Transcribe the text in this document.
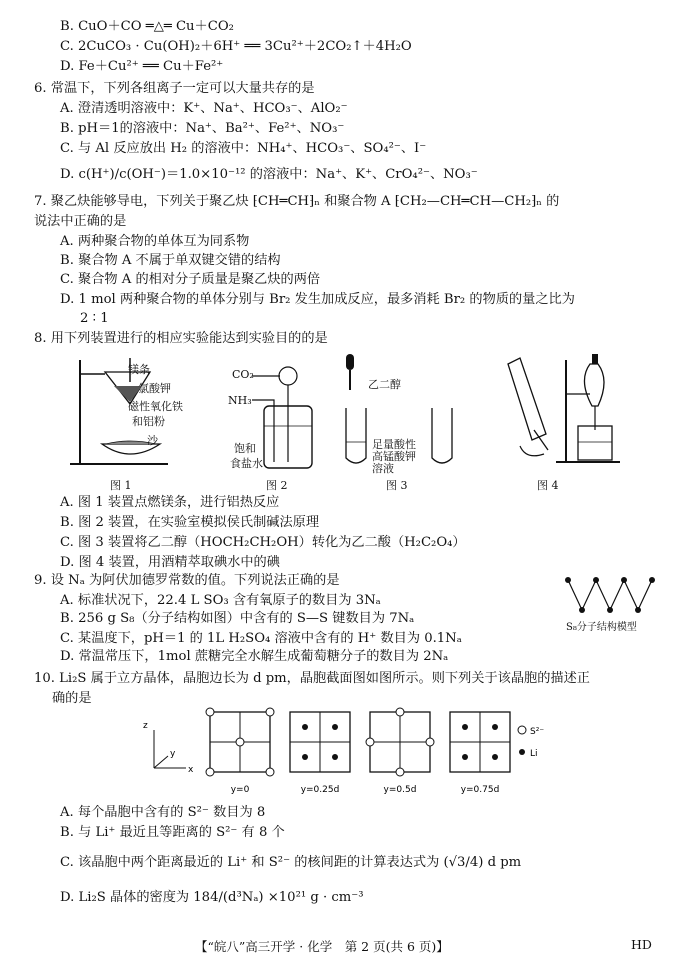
B. CuO＋CO ═△═ Cu＋CO₂
C. 2CuCO₃ · Cu(OH)₂＋6H⁺ ══ 3Cu²⁺＋2CO₂↑＋4H₂O
D. Fe＋Cu²⁺ ══ Cu＋Fe²⁺
6. 常温下，下列各组离子一定可以大量共存的是
A. 澄清透明溶液中：K⁺、Na⁺、HCO₃⁻、AlO₂⁻
B. pH＝1的溶液中：Na⁺、Ba²⁺、Fe²⁺、NO₃⁻
C. 与 Al 反应放出 H₂ 的溶液中：NH₄⁺、HCO₃⁻、SO₄²⁻、I⁻
D. c(H⁺)/c(OH⁻)＝1.0×10⁻¹² 的溶液中：Na⁺、K⁺、CrO₄²⁻、NO₃⁻
7. 聚乙炔能够导电，下列关于聚乙炔 ⁅CH═CH⁆ₙ 和聚合物 A ⁅CH₂—CH═CH—CH₂⁆ₙ 的
说法中正确的是
A. 两种聚合物的单体互为同系物
B. 聚合物 A 不属于单双键交错的结构
C. 聚合物 A 的相对分子质量是聚乙炔的两倍
D. 1 mol 两种聚合物的单体分别与 Br₂ 发生加成反应，最多消耗 Br₂ 的物质的量之比为
2 ∶ 1
8. 用下列装置进行的相应实验能达到实验目的的是
镁条
氯酸钾
磁性氧化铁
和铝粉
沙
图 1
CO₂
NH₃
饱和
食盐水
图 2
乙二醇
足量酸性
高锰酸钾
溶液
图 3	图 4
A. 图 1 装置点燃镁条，进行铝热反应
B. 图 2 装置，在实验室模拟侯氏制碱法原理
C. 图 3 装置将乙二醇（HOCH₂CH₂OH）转化为乙二酸（H₂C₂O₄）
D. 图 4 装置，用酒精萃取碘水中的碘
9. 设 Nₐ 为阿伏加德罗常数的值。下列说法正确的是
A. 标准状况下，22.4 L SO₃ 含有氧原子的数目为 3Nₐ
B. 256 g S₈（分子结构如图）中含有的 S—S 键数目为 7Nₐ
C. 某温度下，pH＝1 的 1L H₂SO₄ 溶液中含有的 H⁺ 数目为 0.1Nₐ
D. 常温常压下，1mol 蔗糖完全水解生成葡萄糖分子的数目为 2Nₐ
S₈分子结构模型
10. Li₂S 属于立方晶体，晶胞边长为 d pm，晶胞截面图如图所示。则下列关于该晶胞的描述正
确的是
z
y
x
S²⁻
Li
y=0	y=0.25d	y=0.5d	y=0.75d
A. 每个晶胞中含有的 S²⁻ 数目为 8
B. 与 Li⁺ 最近且等距离的 S²⁻ 有 8 个
C. 该晶胞中两个距离最近的 Li⁺ 和 S²⁻ 的核间距的计算表达式为 (√3/4) d pm
D. Li₂S 晶体的密度为 184/(d³Nₐ) ×10²¹ g · cm⁻³
【“皖八”高三开学 · 化学　第 2 页(共 6 页)】	HD
